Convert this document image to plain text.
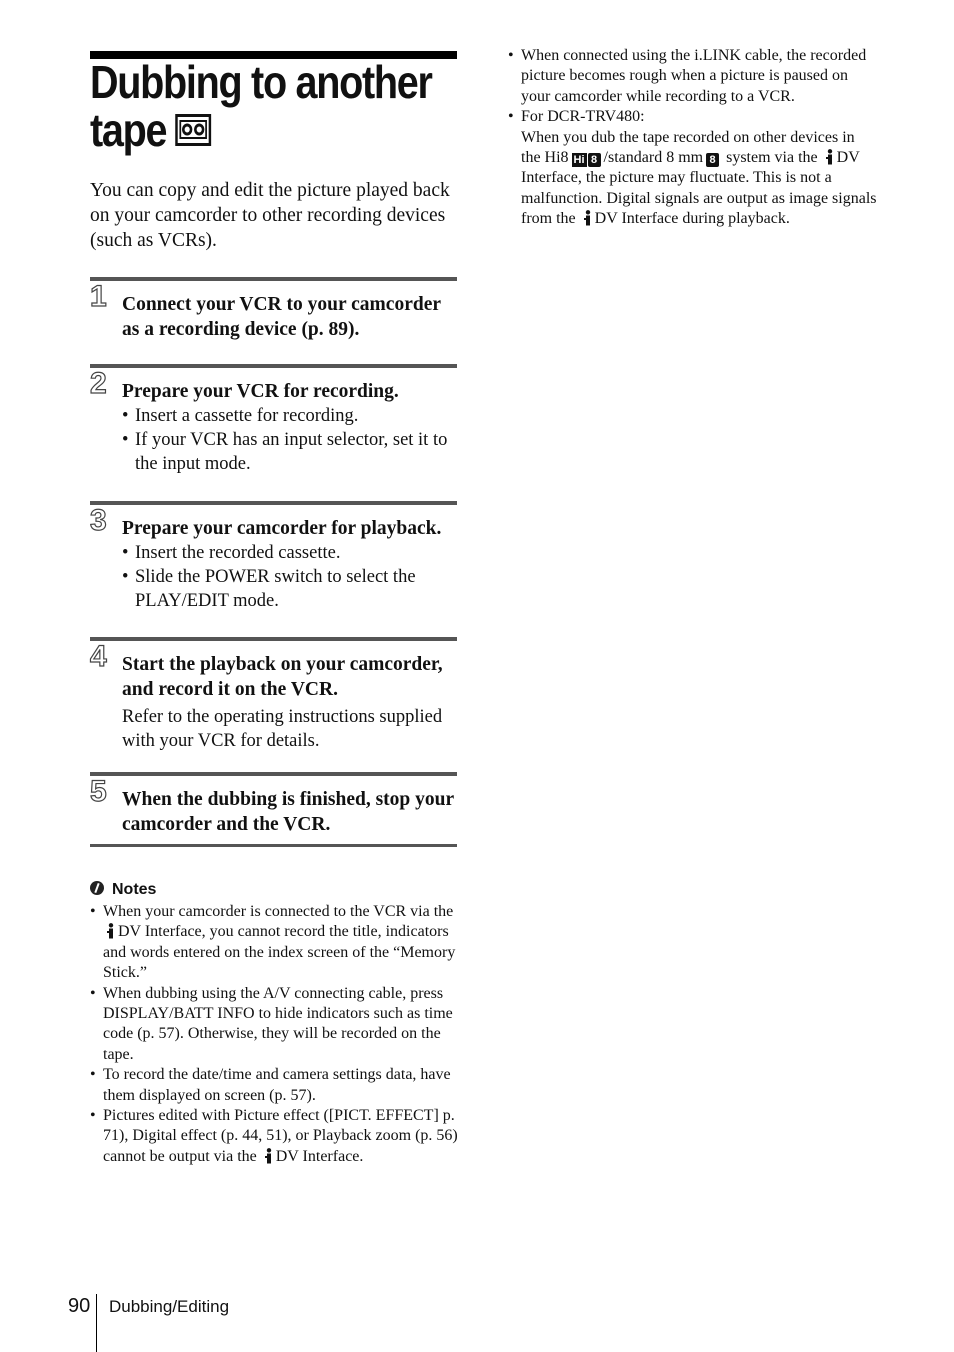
Dubbing to another
tape

You can copy and edit the picture played back on your camcorder to other recording devices (such as VCRs).

1 Connect your VCR to your camcorder as a recording device (p. 89).

2 Prepare your VCR for recording.

• Insert a cassette for recording.
• If your VCR has an input selector, set it to the input mode.
3 Prepare your camcorder for playback.

• Insert the recorded cassette.
• Slide the POWER switch to select the PLAY/EDIT mode.
4 Start the playback on your camcorder, and record it on the VCR.

Refer to the operating instructions supplied with your VCR for details.
5 When the dubbing is finished, stop your camcorder and the VCR.

Notes
• When your camcorder is connected to the VCR via the
DV Interface, you cannot record the title, indicators and words entered on the index screen of the “Memory Stick.”
• When dubbing using the A/V connecting cable, press DISPLAY/BATT INFO to hide indicators such as time code (p. 57). Otherwise, they will be recorded on the tape.
• To record the date/time and camera settings data, have them displayed on screen (p. 57).
• Pictures edited with Picture effect ([PICT. EFFECT] p. 71), Digital effect (p. 44, 51), or Playback zoom (p. 56) cannot be output via the DV Interface.
• When connected using the i.LINK cable, the recorded picture becomes rough when a picture is paused on your camcorder while recording to a VCR.
• For DCR-TRV480:
When you dub the tape recorded on other devices in the Hi8 Hi 8 /standard 8 mm 8 system via the DV Interface, the picture may fluctuate. This is not a malfunction. Digital signals are output as image signals from the DV Interface during playback.
90 Dubbing/Editing
